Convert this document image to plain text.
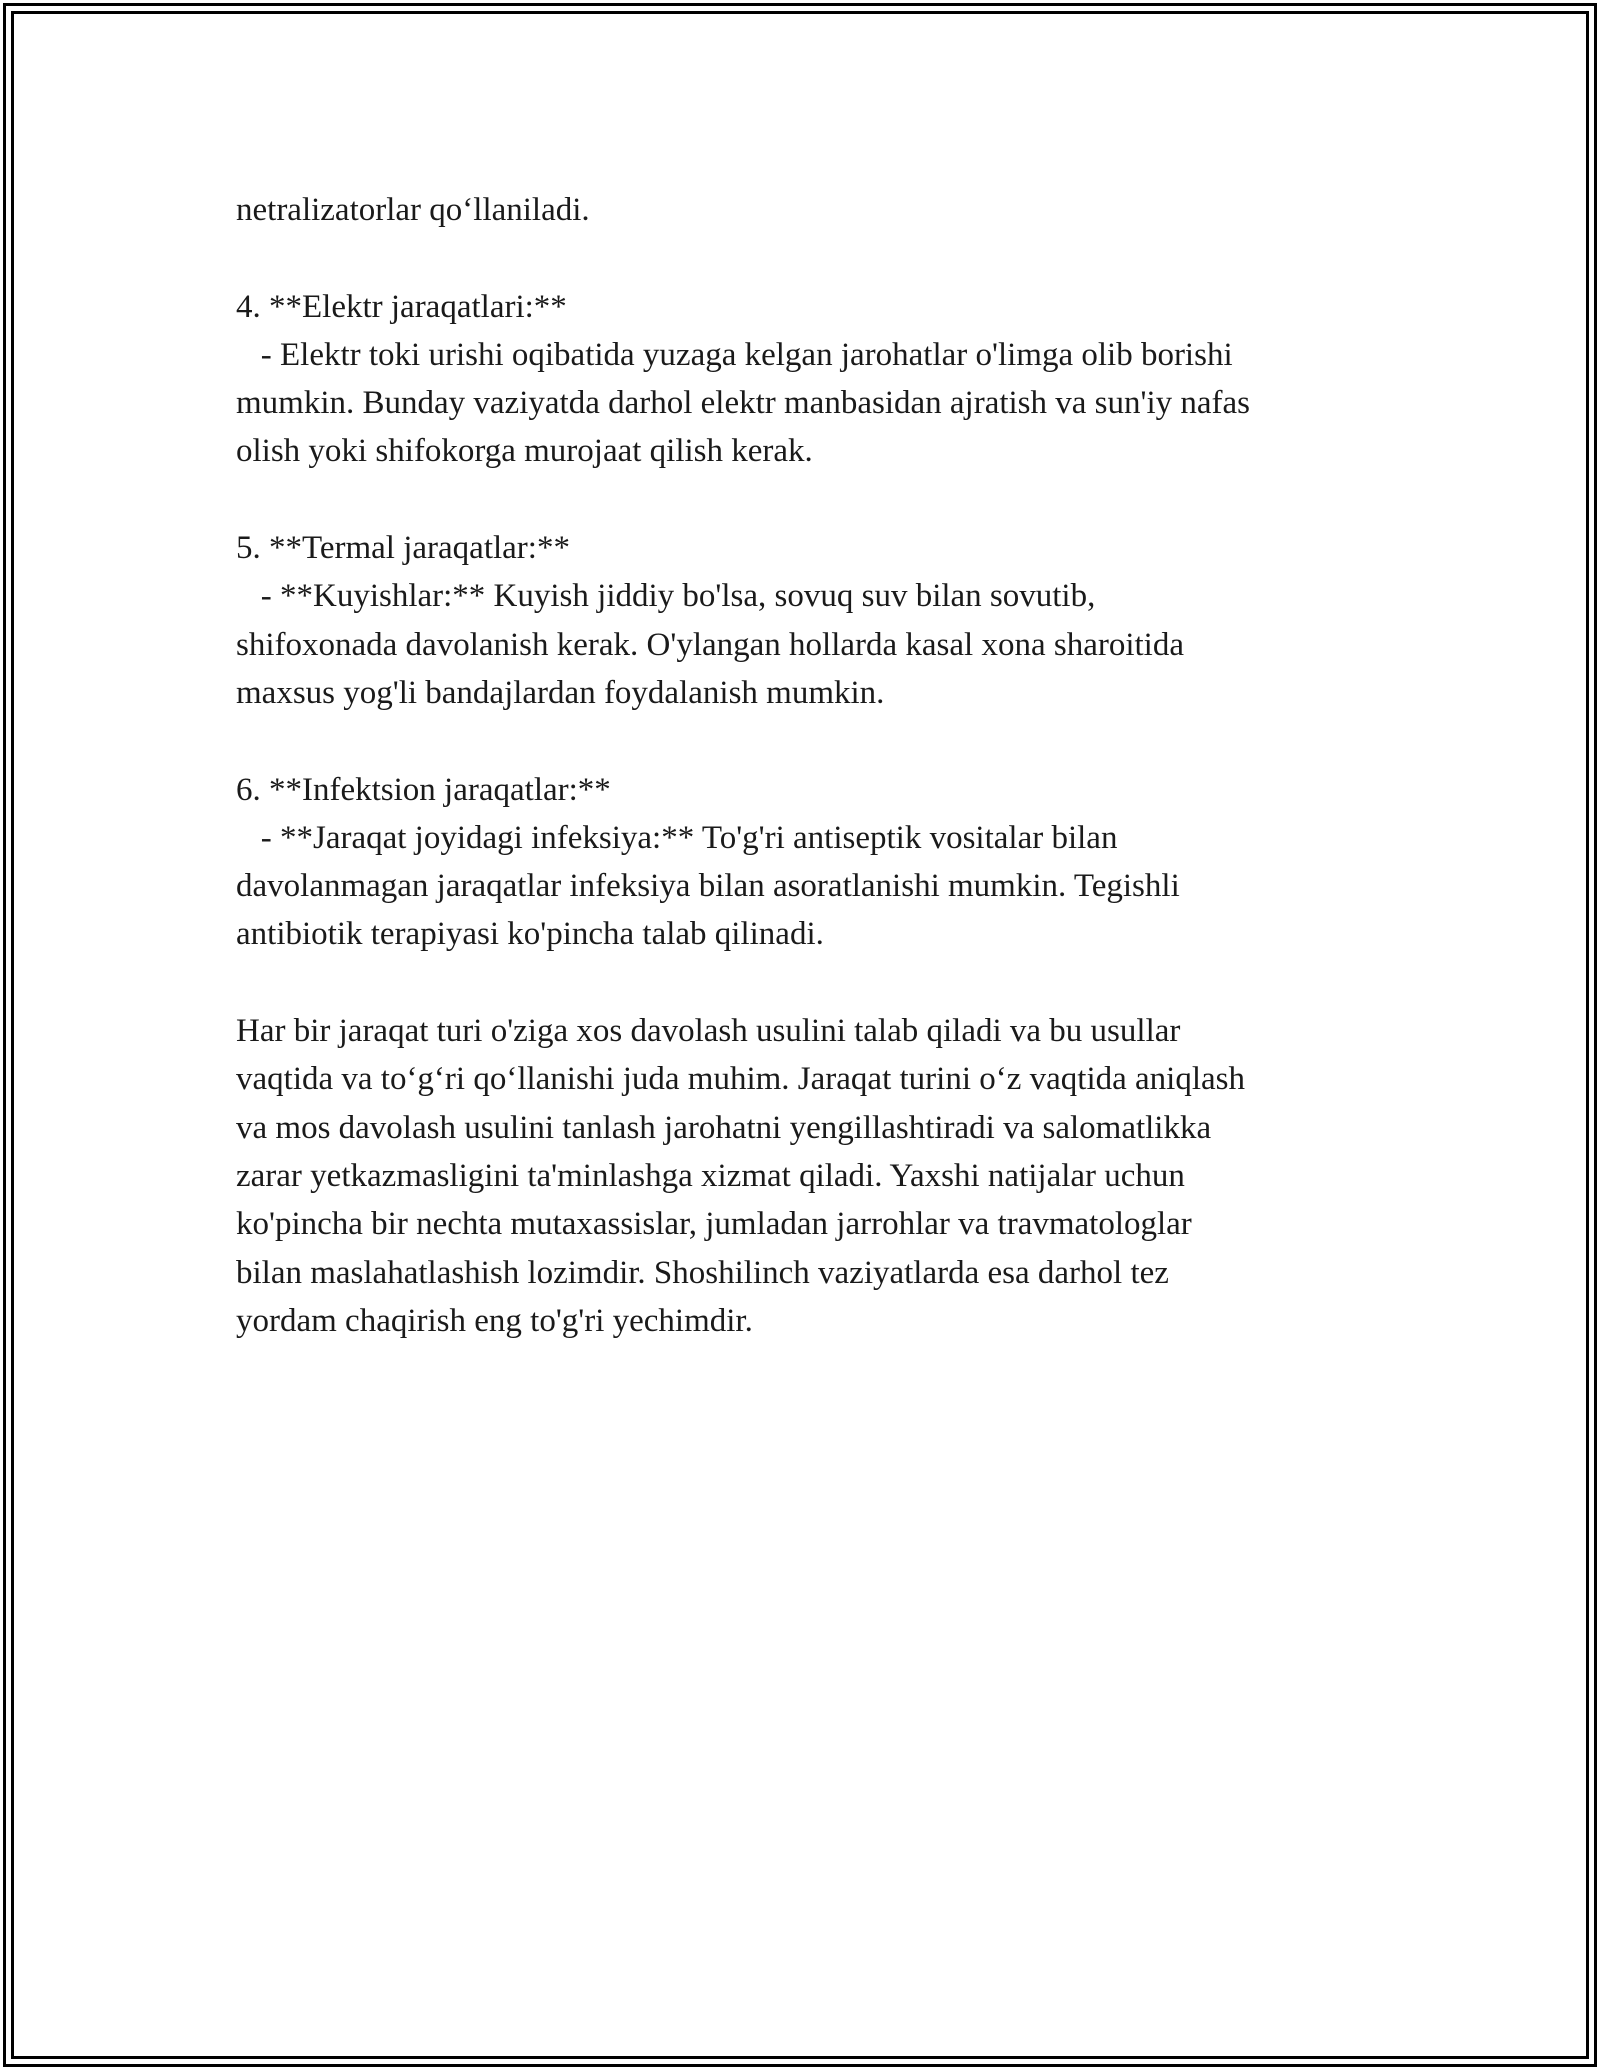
netralizatorlar qo‘llaniladi.
4. **Elektr jaraqatlari:**
- Elektr toki urishi oqibatida yuzaga kelgan jarohatlar o'limga olib borishi
mumkin. Bunday vaziyatda darhol elektr manbasidan ajratish va sun'iy nafas
olish yoki shifokorga murojaat qilish kerak.
5. **Termal jaraqatlar:**
- **Kuyishlar:** Kuyish jiddiy bo'lsa, sovuq suv bilan sovutib,
shifoxonada davolanish kerak. O'ylangan hollarda kasal xona sharoitida
maxsus yog'li bandajlardan foydalanish mumkin.
6. **Infektsion jaraqatlar:**
- **Jaraqat joyidagi infeksiya:** To'g'ri antiseptik vositalar bilan
davolanmagan jaraqatlar infeksiya bilan asoratlanishi mumkin. Tegishli
antibiotik terapiyasi ko'pincha talab qilinadi.
Har bir jaraqat turi o'ziga xos davolash usulini talab qiladi va bu usullar
vaqtida va to‘g‘ri qo‘llanishi juda muhim. Jaraqat turini o‘z vaqtida aniqlash
va mos davolash usulini tanlash jarohatni yengillashtiradi va salomatlikka
zarar yetkazmasligini ta'minlashga xizmat qiladi. Yaxshi natijalar uchun
ko'pincha bir nechta mutaxassislar, jumladan jarrohlar va travmatologlar
bilan maslahatlashish lozimdir. Shoshilinch vaziyatlarda esa darhol tez
yordam chaqirish eng to'g'ri yechimdir.
